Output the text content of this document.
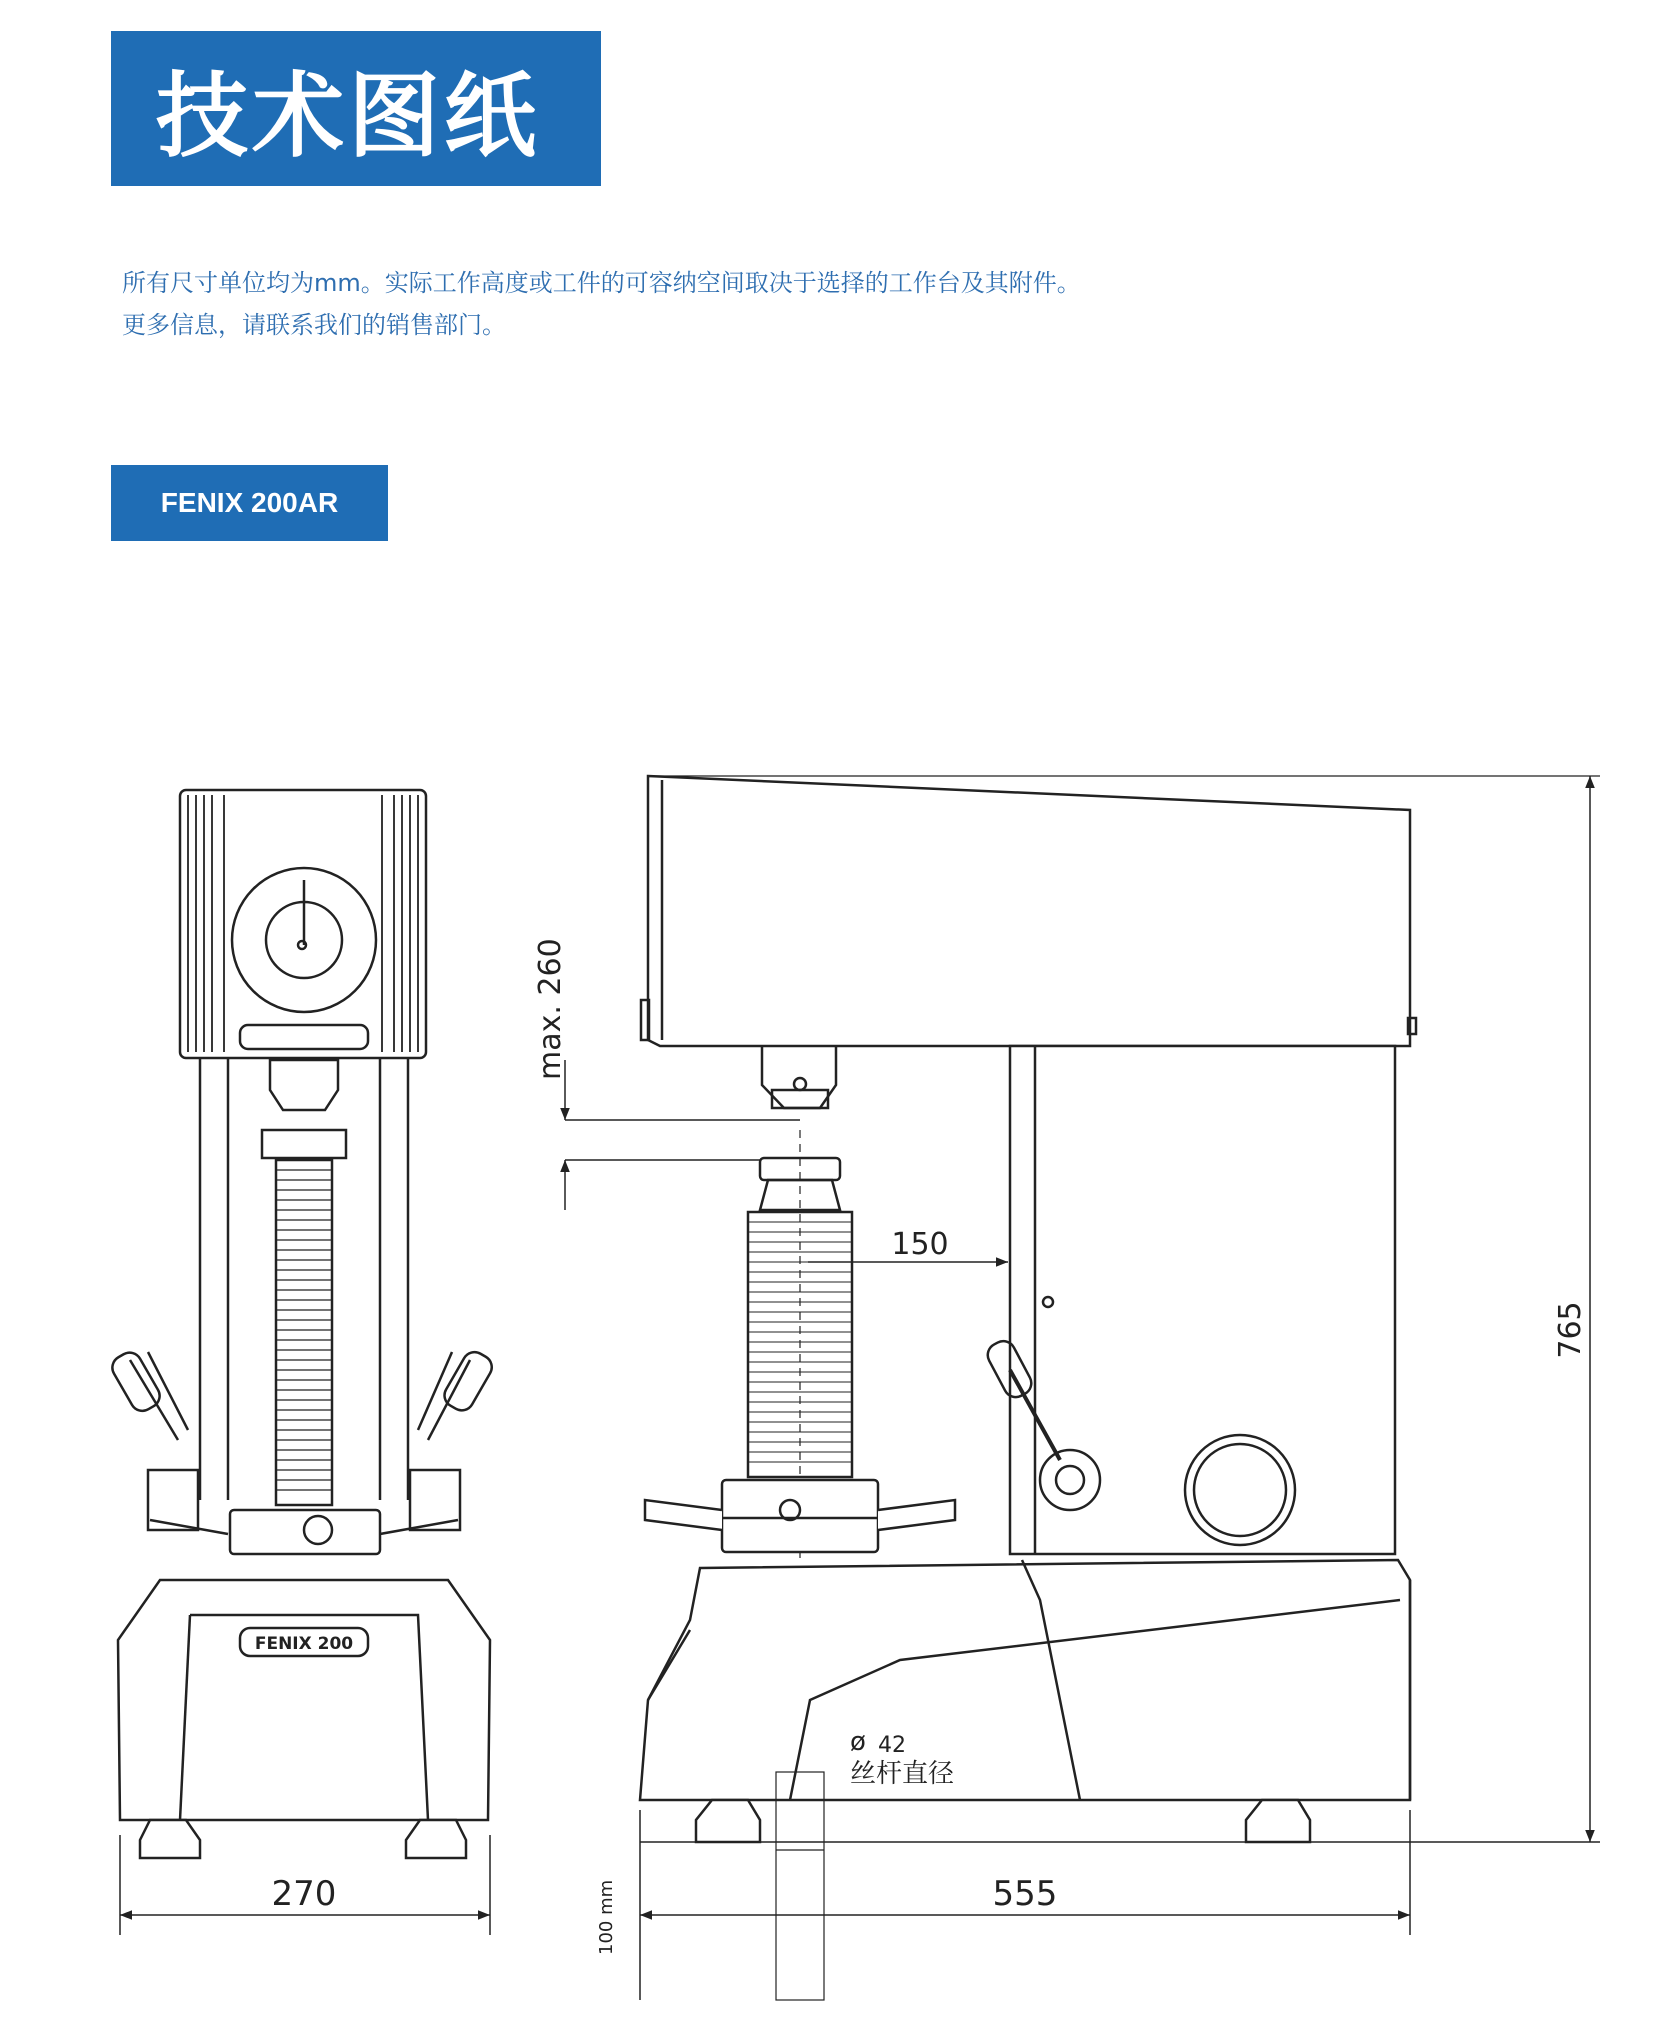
技术图纸
所有尺寸单位均为mm。实际工作高度或工件的可容纳空间取决于选择的工作台及其附件。
更多信息，请联系我们的销售部门。
FENIX 200AR
FENIX 200
270
max. 260
150
765
ø 42
丝杆直径
555
100 mm
